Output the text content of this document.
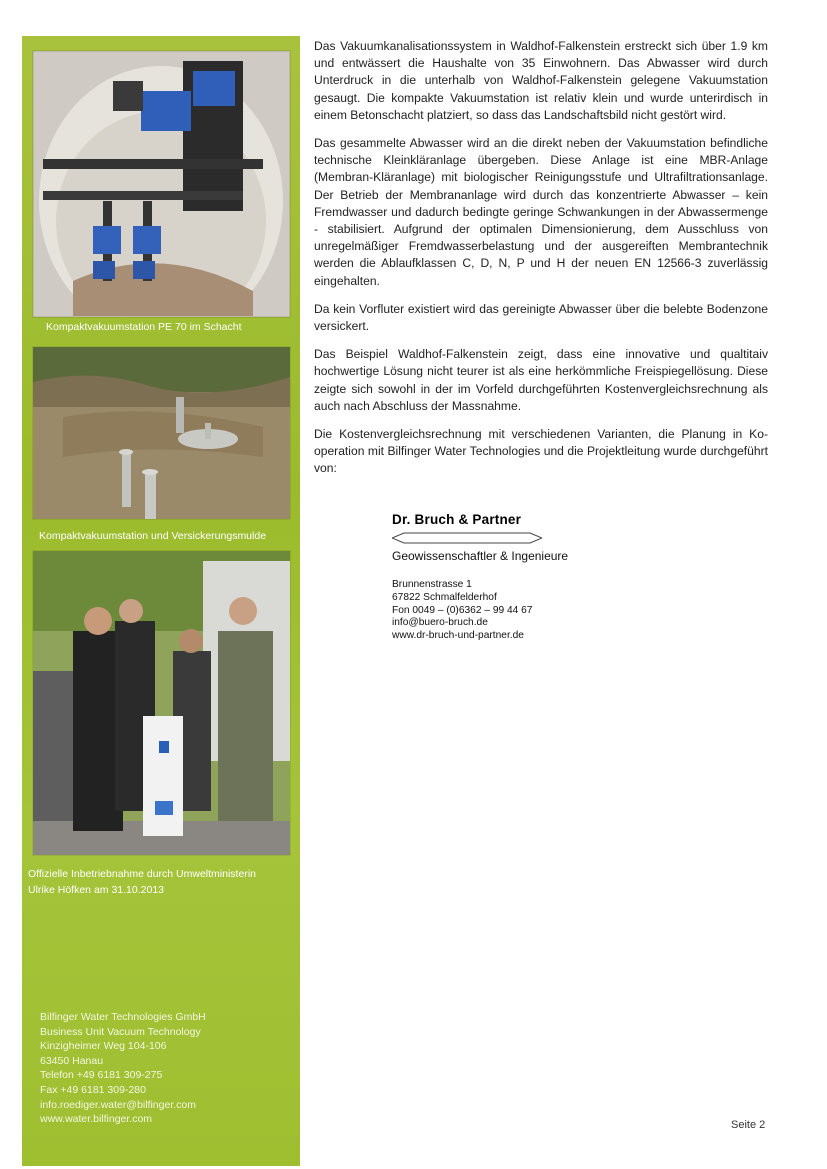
Kompaktvakuumstation PE 70 im Schacht
Kompaktvakuumstation und Versickerungsmulde
Offizielle Inbetriebnahme durch Umweltministerin
Ulrike Höfken am 31.10.2013
Bilfinger Water Technologies GmbH
Business Unit Vacuum Technology
Kinzigheimer Weg 104-106
63450 Hanau
Telefon +49 6181 309-275
Fax +49 6181 309-280
info.roediger.water@bilfinger.com
www.water.bilfinger.com

Das Vakuumkanalisationssystem in Waldhof-Falkenstein erstreckt sich über 1.9 km und entwässert die Haushalte von 35 Einwohnern. Das Abwasser wird durch Unterdruck in die unterhalb von Waldhof-Falkenstein gelegene Vakuumstation gesaugt. Die kompakte Vakuumstation ist relativ klein und wurde unterirdisch in einem Betonschacht platziert, so dass das Landschaftsbild nicht gestört wird.

Das gesammelte Abwasser wird an die direkt neben der Vakuumstation befindliche technische Kleinkläranlage übergeben. Diese Anlage ist eine MBR-Anlage (Membran-Kläranlage) mit biologischer Reinigungsstufe und Ultrafiltrationsanlage. Der Betrieb der Membrananlage wird durch das konzentrierte Abwasser – kein Fremdwasser und dadurch bedingte geringe Schwankungen in der Abwassermenge - stabilisiert. Aufgrund der optimalen Dimensionierung, dem Ausschluss von unregelmäßiger Fremdwasserbelastung und der ausgereiften Membrantechnik werden die Ablaufklassen C, D, N, P und H der neuen EN 12566-3 zuverlässig eingehalten.

Da kein Vorfluter existiert wird das gereinigte Abwasser über die belebte Bodenzone versickert.

Das Beispiel Waldhof-Falkenstein zeigt, dass eine innovative und qualtitaiv hochwertige Lösung nicht teurer ist als eine herkömmliche Freispiegellösung. Diese zeigte sich sowohl in der im Vorfeld durchgeführten Kostenvergleichsrechnung als auch nach Abschluss der Massnahme.

Die Kostenvergleichsrechnung mit verschiedenen Varianten, die Planung in Kooperation mit Bilfinger Water Technologies und die Projektleitung wurde durchgeführt von:

Dr. Bruch & Partner
Geowissenschaftler & Ingenieure
Brunnenstrasse 1
67822 Schmalfelderhof
Fon 0049 – (0)6362 – 99 44 67
info@buero-bruch.de
www.dr-bruch-und-partner.de
Seite 2
